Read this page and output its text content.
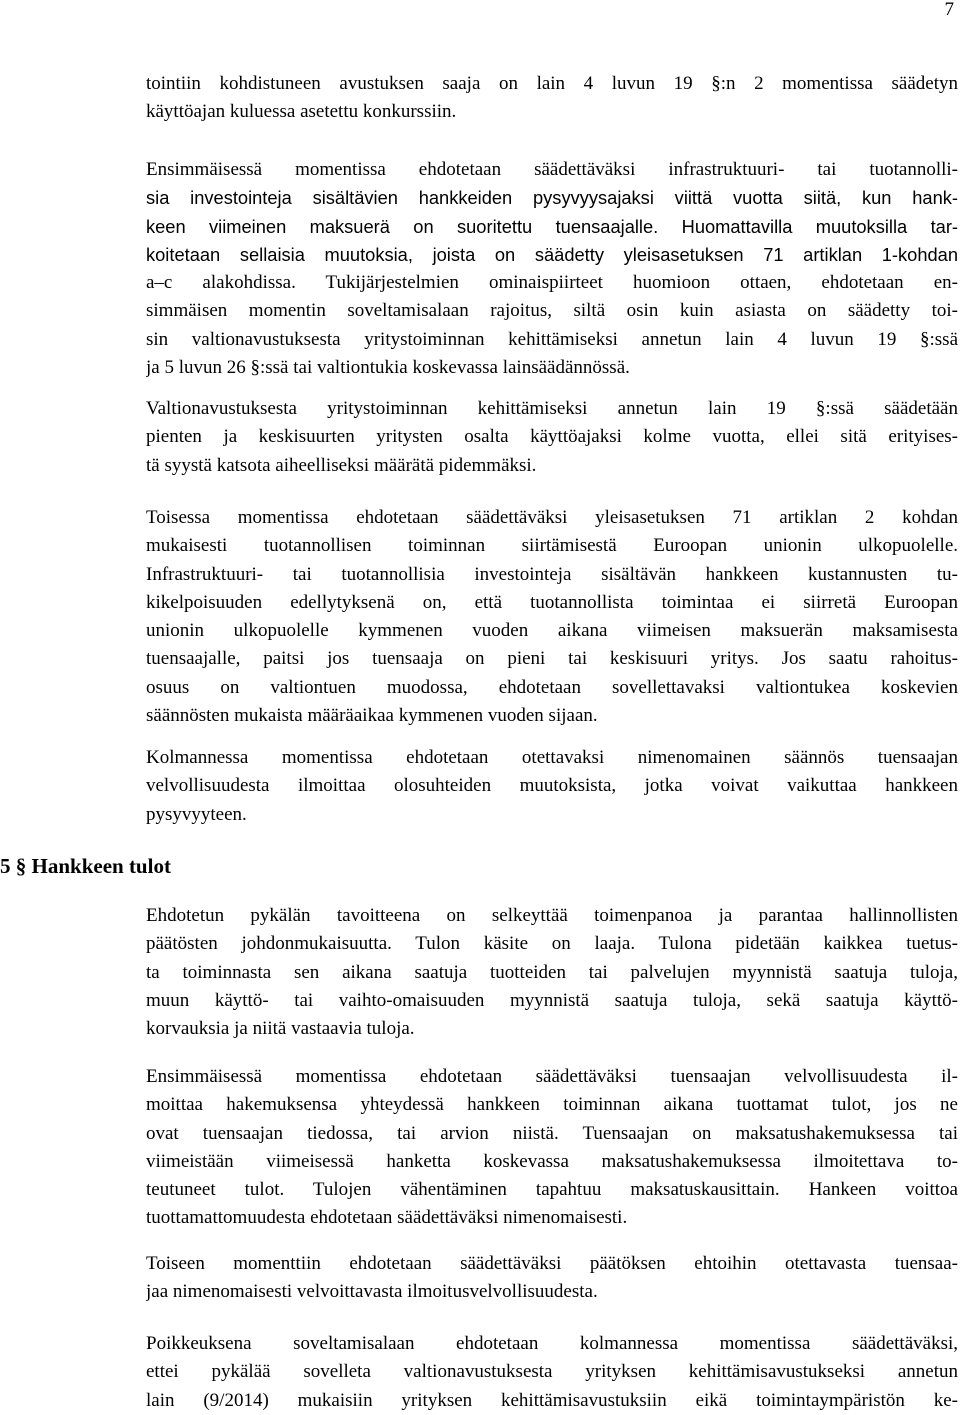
7
5 § Hankkeen tulot

tointiin kohdistuneen avustuksen saaja on lain 4 luvun 19 §:n 2 momentissa säädetyn
käyttöajan kuluessa asetettu konkurssiin.

Ensimmäisessä momentissa ehdotetaan säädettäväksi infrastruktuuri- tai tuotannolli-
sia investointeja sisältävien hankkeiden pysyvyysajaksi viittä vuotta siitä, kun hank-
keen viimeinen maksuerä on suoritettu tuensaajalle. Huomattavilla muutoksilla tar-
koitetaan sellaisia muutoksia, joista on säädetty yleisasetuksen 71 artiklan 1-kohdan
a–c alakohdissa. Tukijärjestelmien ominaispiirteet huomioon ottaen, ehdotetaan en-
simmäisen momentin soveltamisalaan rajoitus, siltä osin kuin asiasta on säädetty toi-
sin valtionavustuksesta yritystoiminnan kehittämiseksi annetun lain 4 luvun 19 §:ssä
ja 5 luvun 26 §:ssä tai valtiontukia koskevassa lainsäädännössä.

Valtionavustuksesta yritystoiminnan kehittämiseksi annetun lain 19 §:ssä säädetään
pienten ja keskisuurten yritysten osalta käyttöajaksi kolme vuotta, ellei sitä erityises-
tä syystä katsota aiheelliseksi määrätä pidemmäksi.

Toisessa momentissa ehdotetaan säädettäväksi yleisasetuksen 71 artiklan 2 kohdan
mukaisesti tuotannollisen toiminnan siirtämisestä Euroopan unionin ulkopuolelle.
Infrastruktuuri- tai tuotannollisia investointeja sisältävän hankkeen kustannusten tu-
kikelpoisuuden edellytyksenä on, että tuotannollista toimintaa ei siirretä Euroopan
unionin ulkopuolelle kymmenen vuoden aikana viimeisen maksuerän maksamisesta
tuensaajalle, paitsi jos tuensaaja on pieni tai keskisuuri yritys. Jos saatu rahoitus-
osuus on valtiontuen muodossa, ehdotetaan sovellettavaksi valtiontukea koskevien
säännösten mukaista määräaikaa kymmenen vuoden sijaan.

Kolmannessa momentissa ehdotetaan otettavaksi nimenomainen säännös tuensaajan
velvollisuudesta ilmoittaa olosuhteiden muutoksista, jotka voivat vaikuttaa hankkeen
pysyvyyteen.

Ehdotetun pykälän tavoitteena on selkeyttää toimenpanoa ja parantaa hallinnollisten
päätösten johdonmukaisuutta. Tulon käsite on laaja. Tulona pidetään kaikkea tuetus-
ta toiminnasta sen aikana saatuja tuotteiden tai palvelujen myynnistä saatuja tuloja,
muun käyttö- tai vaihto-omaisuuden myynnistä saatuja tuloja, sekä saatuja käyttö-
korvauksia ja niitä vastaavia tuloja.

Ensimmäisessä momentissa ehdotetaan säädettäväksi tuensaajan velvollisuudesta il-
moittaa hakemuksensa yhteydessä hankkeen toiminnan aikana tuottamat tulot, jos ne
ovat tuensaajan tiedossa, tai arvion niistä. Tuensaajan on maksatushakemuksessa tai
viimeistään viimeisessä hanketta koskevassa maksatushakemuksessa ilmoitettava to-
teutuneet tulot. Tulojen vähentäminen tapahtuu maksatuskausittain. Hankeen voittoa
tuottamattomuudesta ehdotetaan säädettäväksi nimenomaisesti.

Toiseen momenttiin ehdotetaan säädettäväksi päätöksen ehtoihin otettavasta tuensaa-
jaa nimenomaisesti velvoittavasta ilmoitusvelvollisuudesta.

Poikkeuksena soveltamisalaan ehdotetaan kolmannessa momentissa säädettäväksi,
ettei pykälää sovelleta valtionavustuksesta yrityksen kehittämisavustukseksi annetun
lain (9/2014) mukaisiin yrityksen kehittämisavustuksiin eikä toimintaympäristön ke-
